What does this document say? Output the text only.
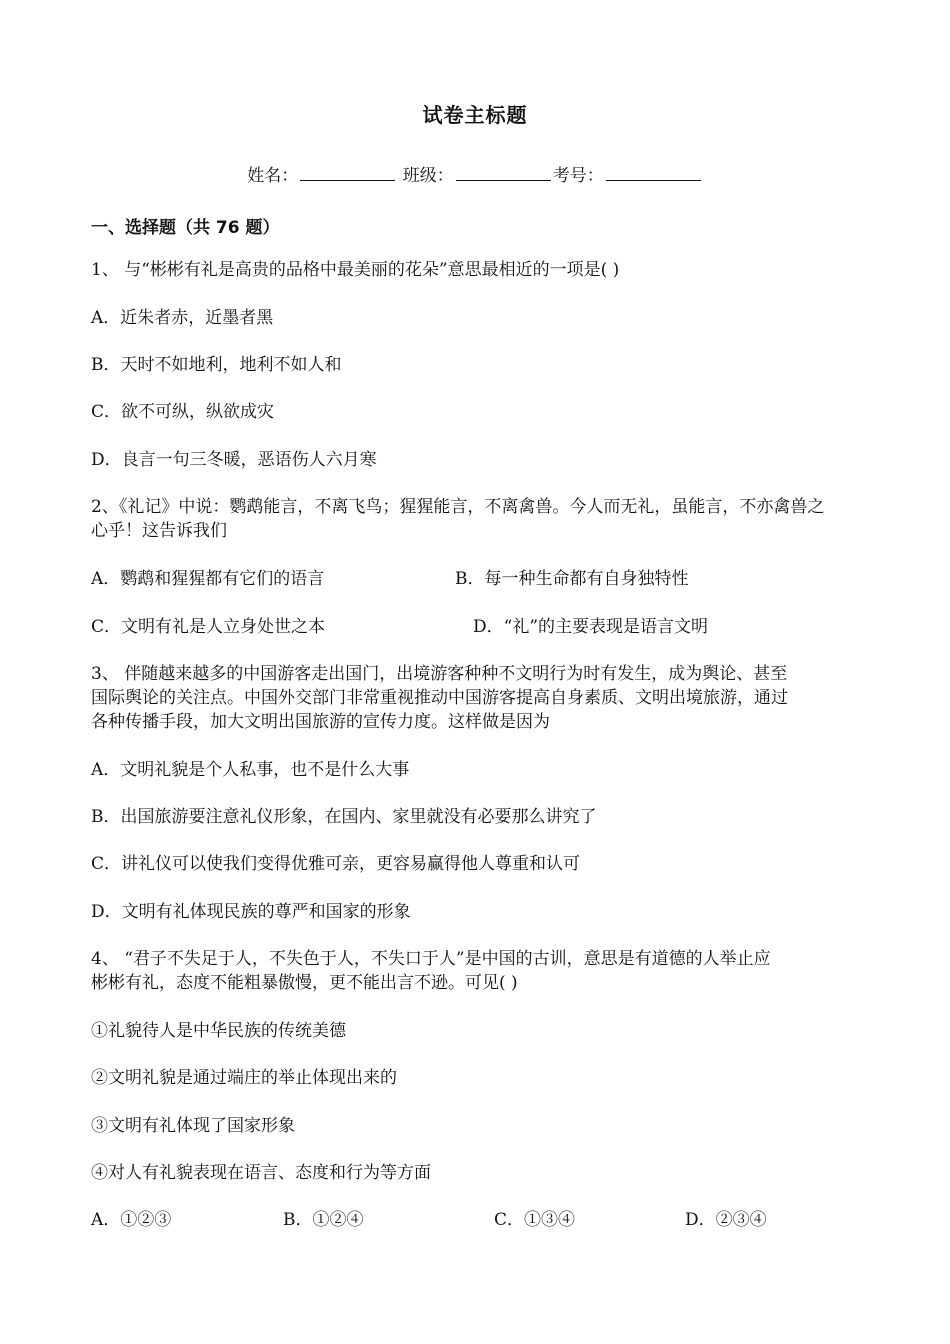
试卷主标题
姓名：	班级：	考号：
一、选择题（共 76 题）
1、 与“彬彬有礼是高贵的品格中最美丽的花朵”意思最相近的一项是( )
A．近朱者赤，近墨者黑
B．天时不如地利，地利不如人和
C．欲不可纵，纵欲成灾
D．良言一句三冬暖，恶语伤人六月寒
2、《礼记》中说：鹦鹉能言，不离飞鸟；猩猩能言，不离禽兽。今人而无礼，虽能言，不亦禽兽之
心乎！这告诉我们
A．鹦鹉和猩猩都有它们的语言	B．每一种生命都有自身独特性
C．文明有礼是人立身处世之本	D．“礼”的主要表现是语言文明
3、 伴随越来越多的中国游客走出国门，出境游客种种不文明行为时有发生，成为舆论、甚至
国际舆论的关注点。中国外交部门非常重视推动中国游客提高自身素质、文明出境旅游，通过
各种传播手段，加大文明出国旅游的宣传力度。这样做是因为
A．文明礼貌是个人私事，也不是什么大事
B．出国旅游要注意礼仪形象，在国内、家里就没有必要那么讲究了
C．讲礼仪可以使我们变得优雅可亲，更容易赢得他人尊重和认可
D．文明有礼体现民族的尊严和国家的形象
4、 “君子不失足于人，不失色于人，不失口于人”是中国的古训，意思是有道德的人举止应
彬彬有礼，态度不能粗暴傲慢，更不能出言不逊。可见( )
①礼貌待人是中华民族的传统美德
②文明礼貌是通过端庄的举止体现出来的
③文明有礼体现了国家形象
④对人有礼貌表现在语言、态度和行为等方面
A．①②③	B．①②④	C．①③④	D．②③④
